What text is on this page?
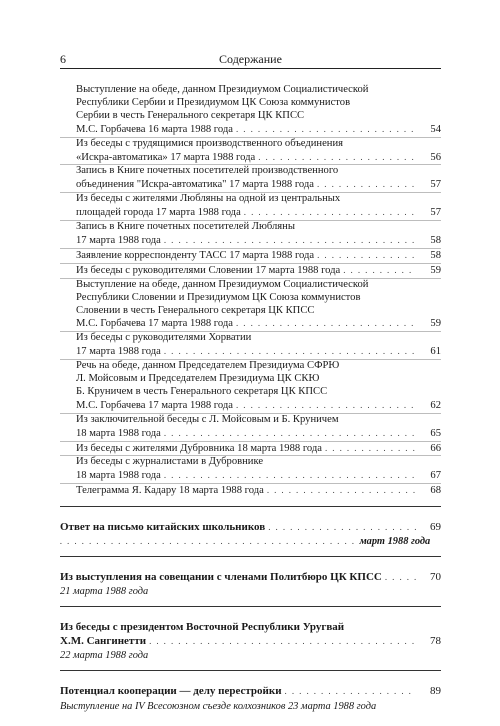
6	Содержание
Выступление на обеде, данном Президиумом Социалистической
Республики Сербии и Президиумом ЦК Союза коммунистов
Сербии в честь Генерального секретаря ЦК КПСС
М.С. Горбачева 16 марта 1988 года . . .	54
Из беседы с трудящимися производственного объединения
«Искра-автоматика» 17 марта 1988 года . . .	56
Запись в Книге почетных посетителей производственного
объединения "Искра-автоматика" 17 марта 1988 года . . .	57
Из беседы с жителями Любляны на одной из центральных
площадей города 17 марта 1988 года . . .	57
Запись в Книге почетных посетителей Любляны
17 марта 1988 года . . .	58
Заявление корреспонденту ТАСС 17 марта 1988 года . . .	58
Из беседы с руководителями Словении 17 марта 1988 года . . .	59
Выступление на обеде, данном Президиумом Социалистической
Республики Словении и Президиумом ЦК Союза коммунистов
Словении в честь Генерального секретаря ЦК КПСС
М.С. Горбачева 17 марта 1988 года . . .	59
Из беседы с руководителями Хорватии
17 марта 1988 года . . .	61
Речь на обеде, данном Председателем Президиума СФРЮ
Л. Мойсовым и Председателем Президиума ЦК СКЮ
Б. Круничем в честь Генерального секретаря ЦК КПСС
М.С. Горбачева 17 марта 1988 года . . .	62
Из заключительной беседы с Л. Мойсовым и Б. Круничем
18 марта 1988 года . . .	65
Из беседы с жителями Дубровника 18 марта 1988 года . . .	66
Из беседы с журналистами в Дубровнике
18 марта 1988 года . . .	67
Телеграмма Я. Кадару 18 марта 1988 года . . .	68
Ответ на письмо китайских школьников . . .	69
. . .
март 1988 года
Из выступления на совещании с членами Политбюро ЦК КПСС . . .	70
21 марта 1988 года
Из беседы с президентом Восточной Республики Уругвай
Х.М. Сангинетти . . .	78
22 марта 1988 года
Потенциал кооперации — делу перестройки . . .	89
Выступление на IV Всесоюзном съезде колхозников 23 марта 1988 года
